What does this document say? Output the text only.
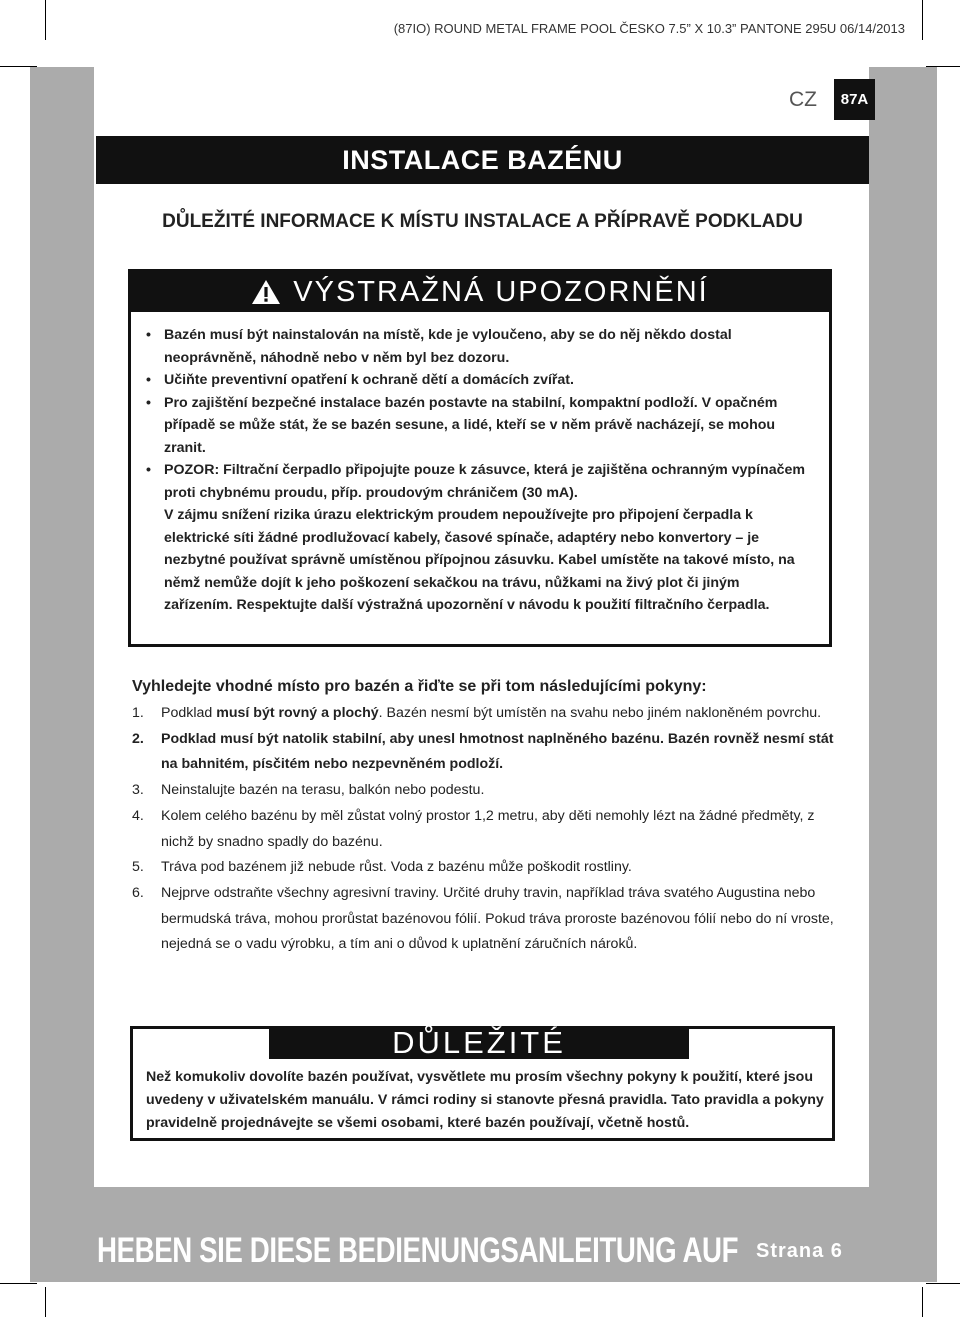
(87IO) ROUND METAL FRAME POOL ČESKO 7.5” X 10.3” PANTONE 295U 06/14/2013
CZ	87A
INSTALACE BAZÉNU
DŮLEŽITÉ INFORMACE K MÍSTU INSTALACE A PŘÍPRAVĚ PODKLADU
VÝSTRAŽNÁ UPOZORNĚNÍ
• Bazén musí být nainstalován na místě, kde je vyloučeno, aby se do něj někdo dostal neoprávněně, náhodně nebo v něm byl bez dozoru.
• Učiňte preventivní opatření k ochraně dětí a domácích zvířat.
• Pro zajištění bezpečné instalace bazén postavte na stabilní, kompaktní podloží. V opačném případě se může stát, že se bazén sesune, a lidé, kteří se v něm právě nacházejí, se mohou zranit.
• POZOR: Filtrační čerpadlo připojujte pouze k zásuvce, která je zajištěna ochranným vypínačem proti chybnému proudu, příp. proudovým chráničem (30 mA).
V zájmu snížení rizika úrazu elektrickým proudem nepoužívejte pro připojení čerpadla k elektrické síti žádné prodlužovací kabely, časové spínače, adaptéry nebo konvertory – je nezbytné používat správně umístěnou přípojnou zásuvku. Kabel umístěte na takové místo, na němž nemůže dojít k jeho poškození sekačkou na trávu, nůžkami na živý plot či jiným zařízením. Respektujte další výstražná upozornění v návodu k použití filtračního čerpadla.
Vyhledejte vhodné místo pro bazén a řiďte se při tom následujícími pokyny:
1.	Podklad musí být rovný a plochý. Bazén nesmí být umístěn na svahu nebo jiném nakloněném povrchu.
2.	Podklad musí být natolik stabilní, aby unesl hmotnost naplněného bazénu. Bazén rovněž nesmí stát na bahnitém, písčitém nebo nezpevněném podloží.
3.	Neinstalujte bazén na terasu, balkón nebo podestu.
4.	Kolem celého bazénu by měl zůstat volný prostor 1,2 metru, aby děti nemohly lézt na žádné předměty, z nichž by snadno spadly do bazénu.
5.	Tráva pod bazénem již nebude růst. Voda z bazénu může poškodit rostliny.
6.	Nejprve odstraňte všechny agresivní traviny. Určité druhy travin, například tráva svatého Augustina nebo bermudská tráva, mohou prorůstat bazénovou fólií. Pokud tráva proroste bazénovou fólií nebo do ní vroste, nejedná se o vadu výrobku, a tím ani o důvod k uplatnění záručních nároků.
DŮLEŽITÉ
Než komukoliv dovolíte bazén používat, vysvětlete mu prosím všechny pokyny k použití, které jsou uvedeny v uživatelském manuálu. V rámci rodiny si stanovte přesná pravidla. Tato pravidla a pokyny pravidelně projednávejte se všemi osobami, které bazén používají, včetně hostů.
HEBEN SIE DIESE BEDIENUNGSANLEITUNG AUF Strana 6
